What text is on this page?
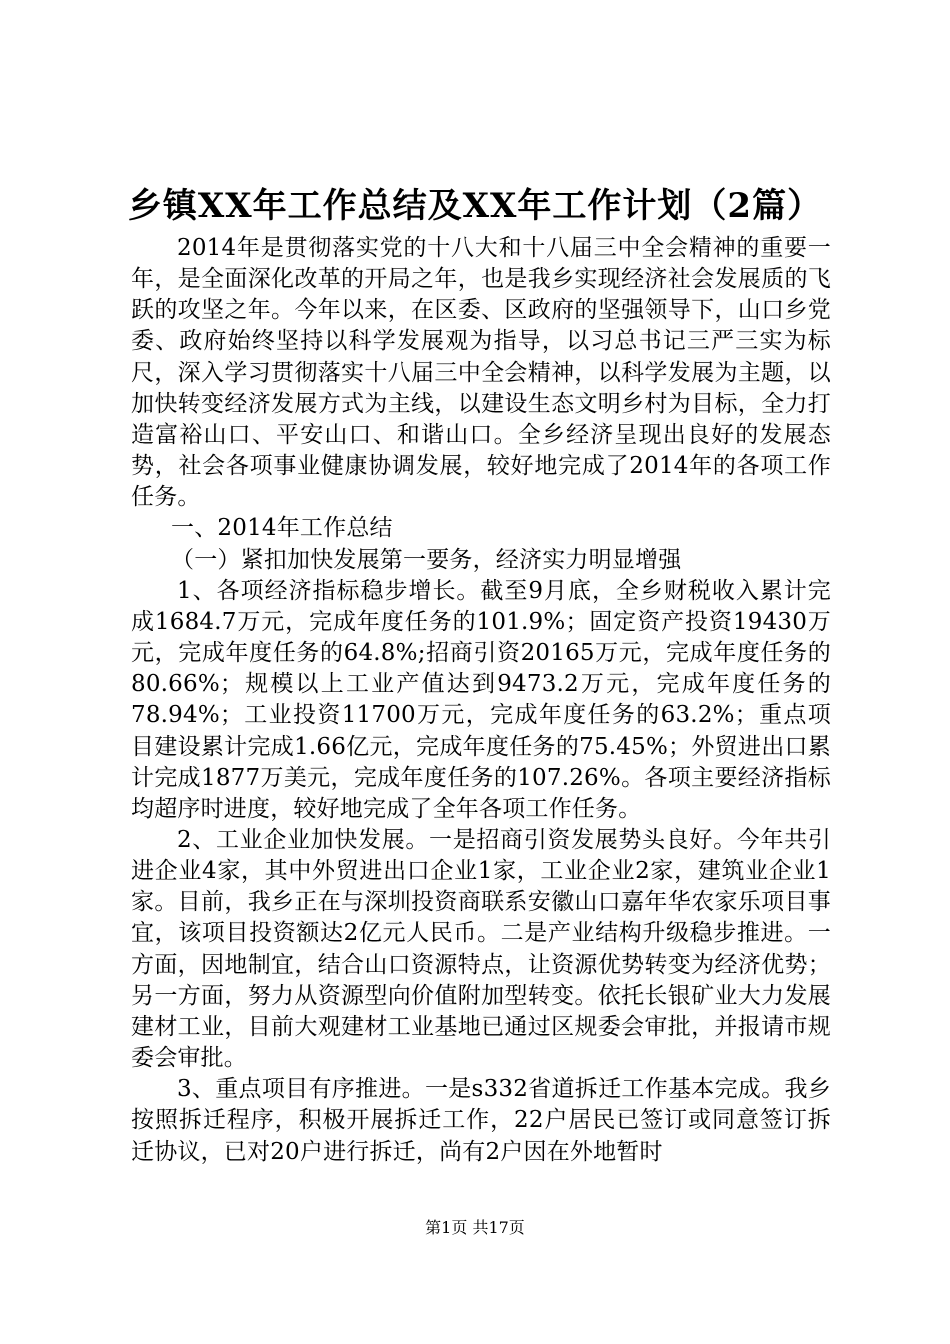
乡镇XX年工作总结及XX年工作计划（2篇）

2014年是贯彻落实党的十八大和十八届三中全会精神的重要一年，是全面深化改革的开局之年，也是我乡实现经济社会发展质的飞跃的攻坚之年。今年以来，在区委、区政府的坚强领导下，山口乡党委、政府始终坚持以科学发展观为指导，以习总书记三严三实为标尺，深入学习贯彻落实十八届三中全会精神，以科学发展为主题，以加快转变经济发展方式为主线，以建设生态文明乡村为目标，全力打造富裕山口、平安山口、和谐山口。全乡经济呈现出良好的发展态势，社会各项事业健康协调发展，较好地完成了2014年的各项工作任务。

一、2014年工作总结

（一）紧扣加快发展第一要务，经济实力明显增强

1、各项经济指标稳步增长。截至9月底，全乡财税收入累计完成1684.7万元，完成年度任务的101.9%；固定资产投资19430万元，完成年度任务的64.8%;招商引资20165万元，完成年度任务的80.66%；规模以上工业产值达到9473.2万元，完成年度任务的78.94%；工业投资11700万元，完成年度任务的63.2%；重点项目建设累计完成1.66亿元，完成年度任务的75.45%；外贸进出口累计完成1877万美元，完成年度任务的107.26%。各项主要经济指标均超序时进度，较好地完成了全年各项工作任务。

2、工业企业加快发展。一是招商引资发展势头良好。今年共引进企业4家，其中外贸进出口企业1家，工业企业2家，建筑业企业1家。目前，我乡正在与深圳投资商联系安徽山口嘉年华农家乐项目事宜，该项目投资额达2亿元人民币。二是产业结构升级稳步推进。一方面，因地制宜，结合山口资源特点，让资源优势转变为经济优势；另一方面，努力从资源型向价值附加型转变。依托长银矿业大力发展建材工业，目前大观建材工业基地已通过区规委会审批，并报请市规委会审批。

3、重点项目有序推进。一是s332省道拆迁工作基本完成。我乡按照拆迁程序，积极开展拆迁工作，22户居民已签订或同意签订拆迁协议，已对20户进行拆迁，尚有2户因在外地暂时

第1页 共17页
